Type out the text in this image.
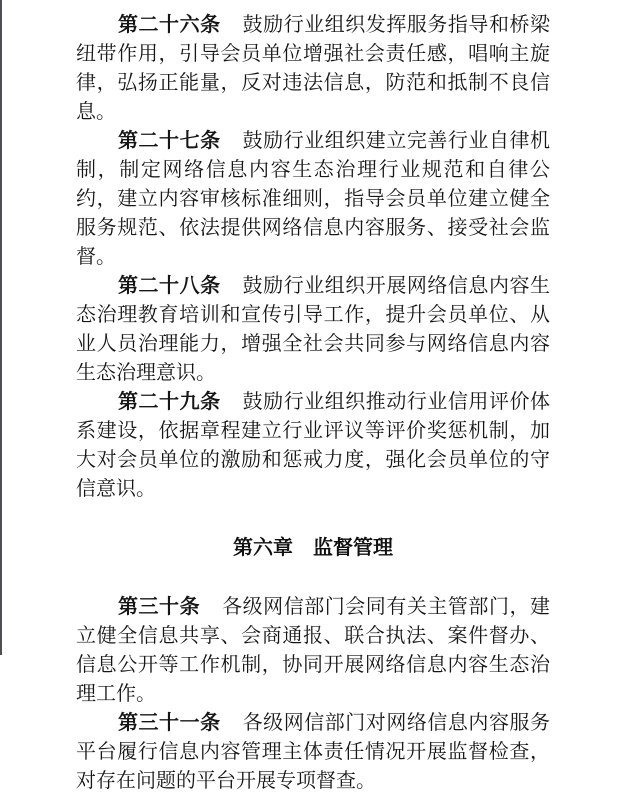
第二十六条 鼓励行业组织发挥服务指导和桥梁纽带作用，引导会员单位增强社会责任感，唱响主旋律，弘扬正能量，反对违法信息，防范和抵制不良信息。

第二十七条 鼓励行业组织建立完善行业自律机制，制定网络信息内容生态治理行业规范和自律公约，建立内容审核标准细则，指导会员单位建立健全服务规范、依法提供网络信息内容服务、接受社会监督。

第二十八条 鼓励行业组织开展网络信息内容生态治理教育培训和宣传引导工作，提升会员单位、从业人员治理能力，增强全社会共同参与网络信息内容生态治理意识。

第二十九条 鼓励行业组织推动行业信用评价体系建设，依据章程建立行业评议等评价奖惩机制，加大对会员单位的激励和惩戒力度，强化会员单位的守信意识。

第六章　监督管理

第三十条 各级网信部门会同有关主管部门，建立健全信息共享、会商通报、联合执法、案件督办、信息公开等工作机制，协同开展网络信息内容生态治理工作。

第三十一条 各级网信部门对网络信息内容服务平台履行信息内容管理主体责任情况开展监督检查，对存在问题的平台开展专项督查。
